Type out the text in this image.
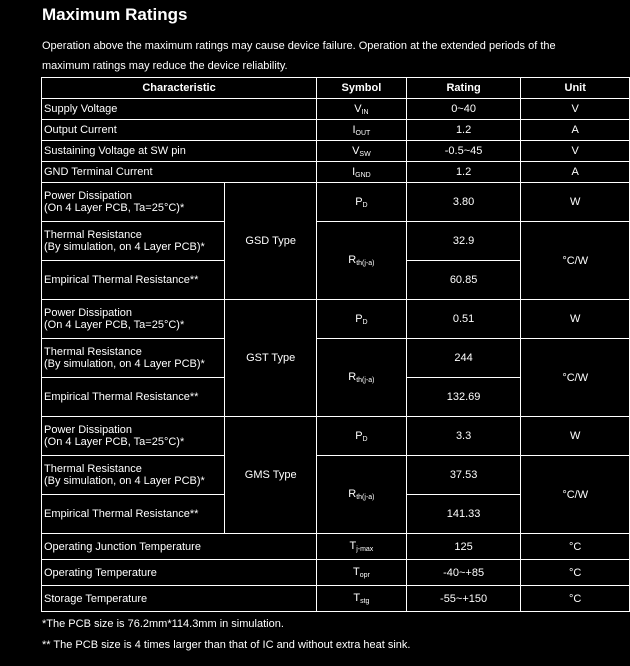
Maximum Ratings
Operation above the maximum ratings may cause device failure. Operation at the extended periods of the maximum ratings may reduce the device reliability.
Characteristic		Symbol	Rating	Unit
Supply Voltage		$V_{IN}$	0~40	V
Output Current		$I_{OUT}$	1.2	A
Sustaining Voltage at SW pin		$V_{SW}$	-0.5~45	V
GND Terminal Current		$I_{GND}$	1.2	A
Power Dissipation
(On 4 Layer PCB, Ta=25°C)*	GSD Type	$P_D$	3.80	W
Thermal Resistance
(By simulation, on 4 Layer PCB)*		$R_{th(j-a)}$	32.9	°C/W
Empirical Thermal Resistance**			60.85	
Power Dissipation
(On 4 Layer PCB, Ta=25°C)*	GST Type	$P_D$	0.51	W
Thermal Resistance
(By simulation, on 4 Layer PCB)*		$R_{th(j-a)}$	244	°C/W
Empirical Thermal Resistance**			132.69	
Power Dissipation
(On 4 Layer PCB, Ta=25°C)*	GMS Type	$P_D$	3.3	W
Thermal Resistance
(By simulation, on 4 Layer PCB)*		$R_{th(j-a)}$	37.53	°C/W
Empirical Thermal Resistance**			141.33	
Operating Junction Temperature		$T_{j-max}$	125	°C
Operating Temperature		$T_{opr}$	-40~+85	°C
Storage Temperature		$T_{stg}$	-55~+150	°C
*The PCB size is 76.2mm*114.3mm in simulation.
** The PCB size is 4 times larger than that of IC and without extra heat sink.
